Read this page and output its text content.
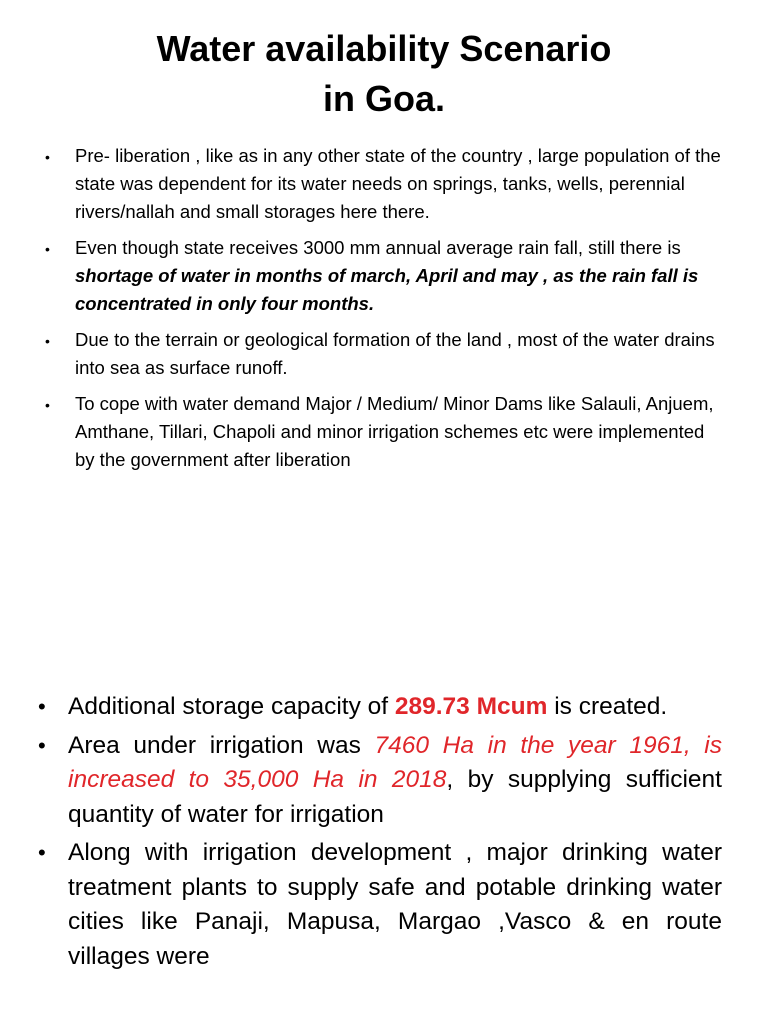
Water availability Scenario
in Goa.
• Pre- liberation , like as in any other state of the country , large population of the state was dependent for its water needs on springs, tanks, wells, perennial rivers/nallah and small storages here there.
• Even though state receives 3000 mm annual average rain fall, still there is shortage of water in months of march, April and may , as the rain fall is concentrated in only four months.
• Due to the terrain or geological formation of the land , most of the water drains into sea as surface runoff.
• To cope with water demand Major / Medium/ Minor Dams like Salauli, Anjuem, Amthane, Tillari, Chapoli and minor irrigation schemes etc were implemented by the government after liberation
• Additional storage capacity of 289.73 Mcum is created.
• Area under irrigation was 7460 Ha in the year 1961, is increased to 35,000 Ha in 2018, by supplying sufficient quantity of water for irrigation
• Along with irrigation development , major drinking water treatment plants to supply safe and potable drinking water cities like Panaji, Mapusa, Margao ,Vasco & en route villages were
